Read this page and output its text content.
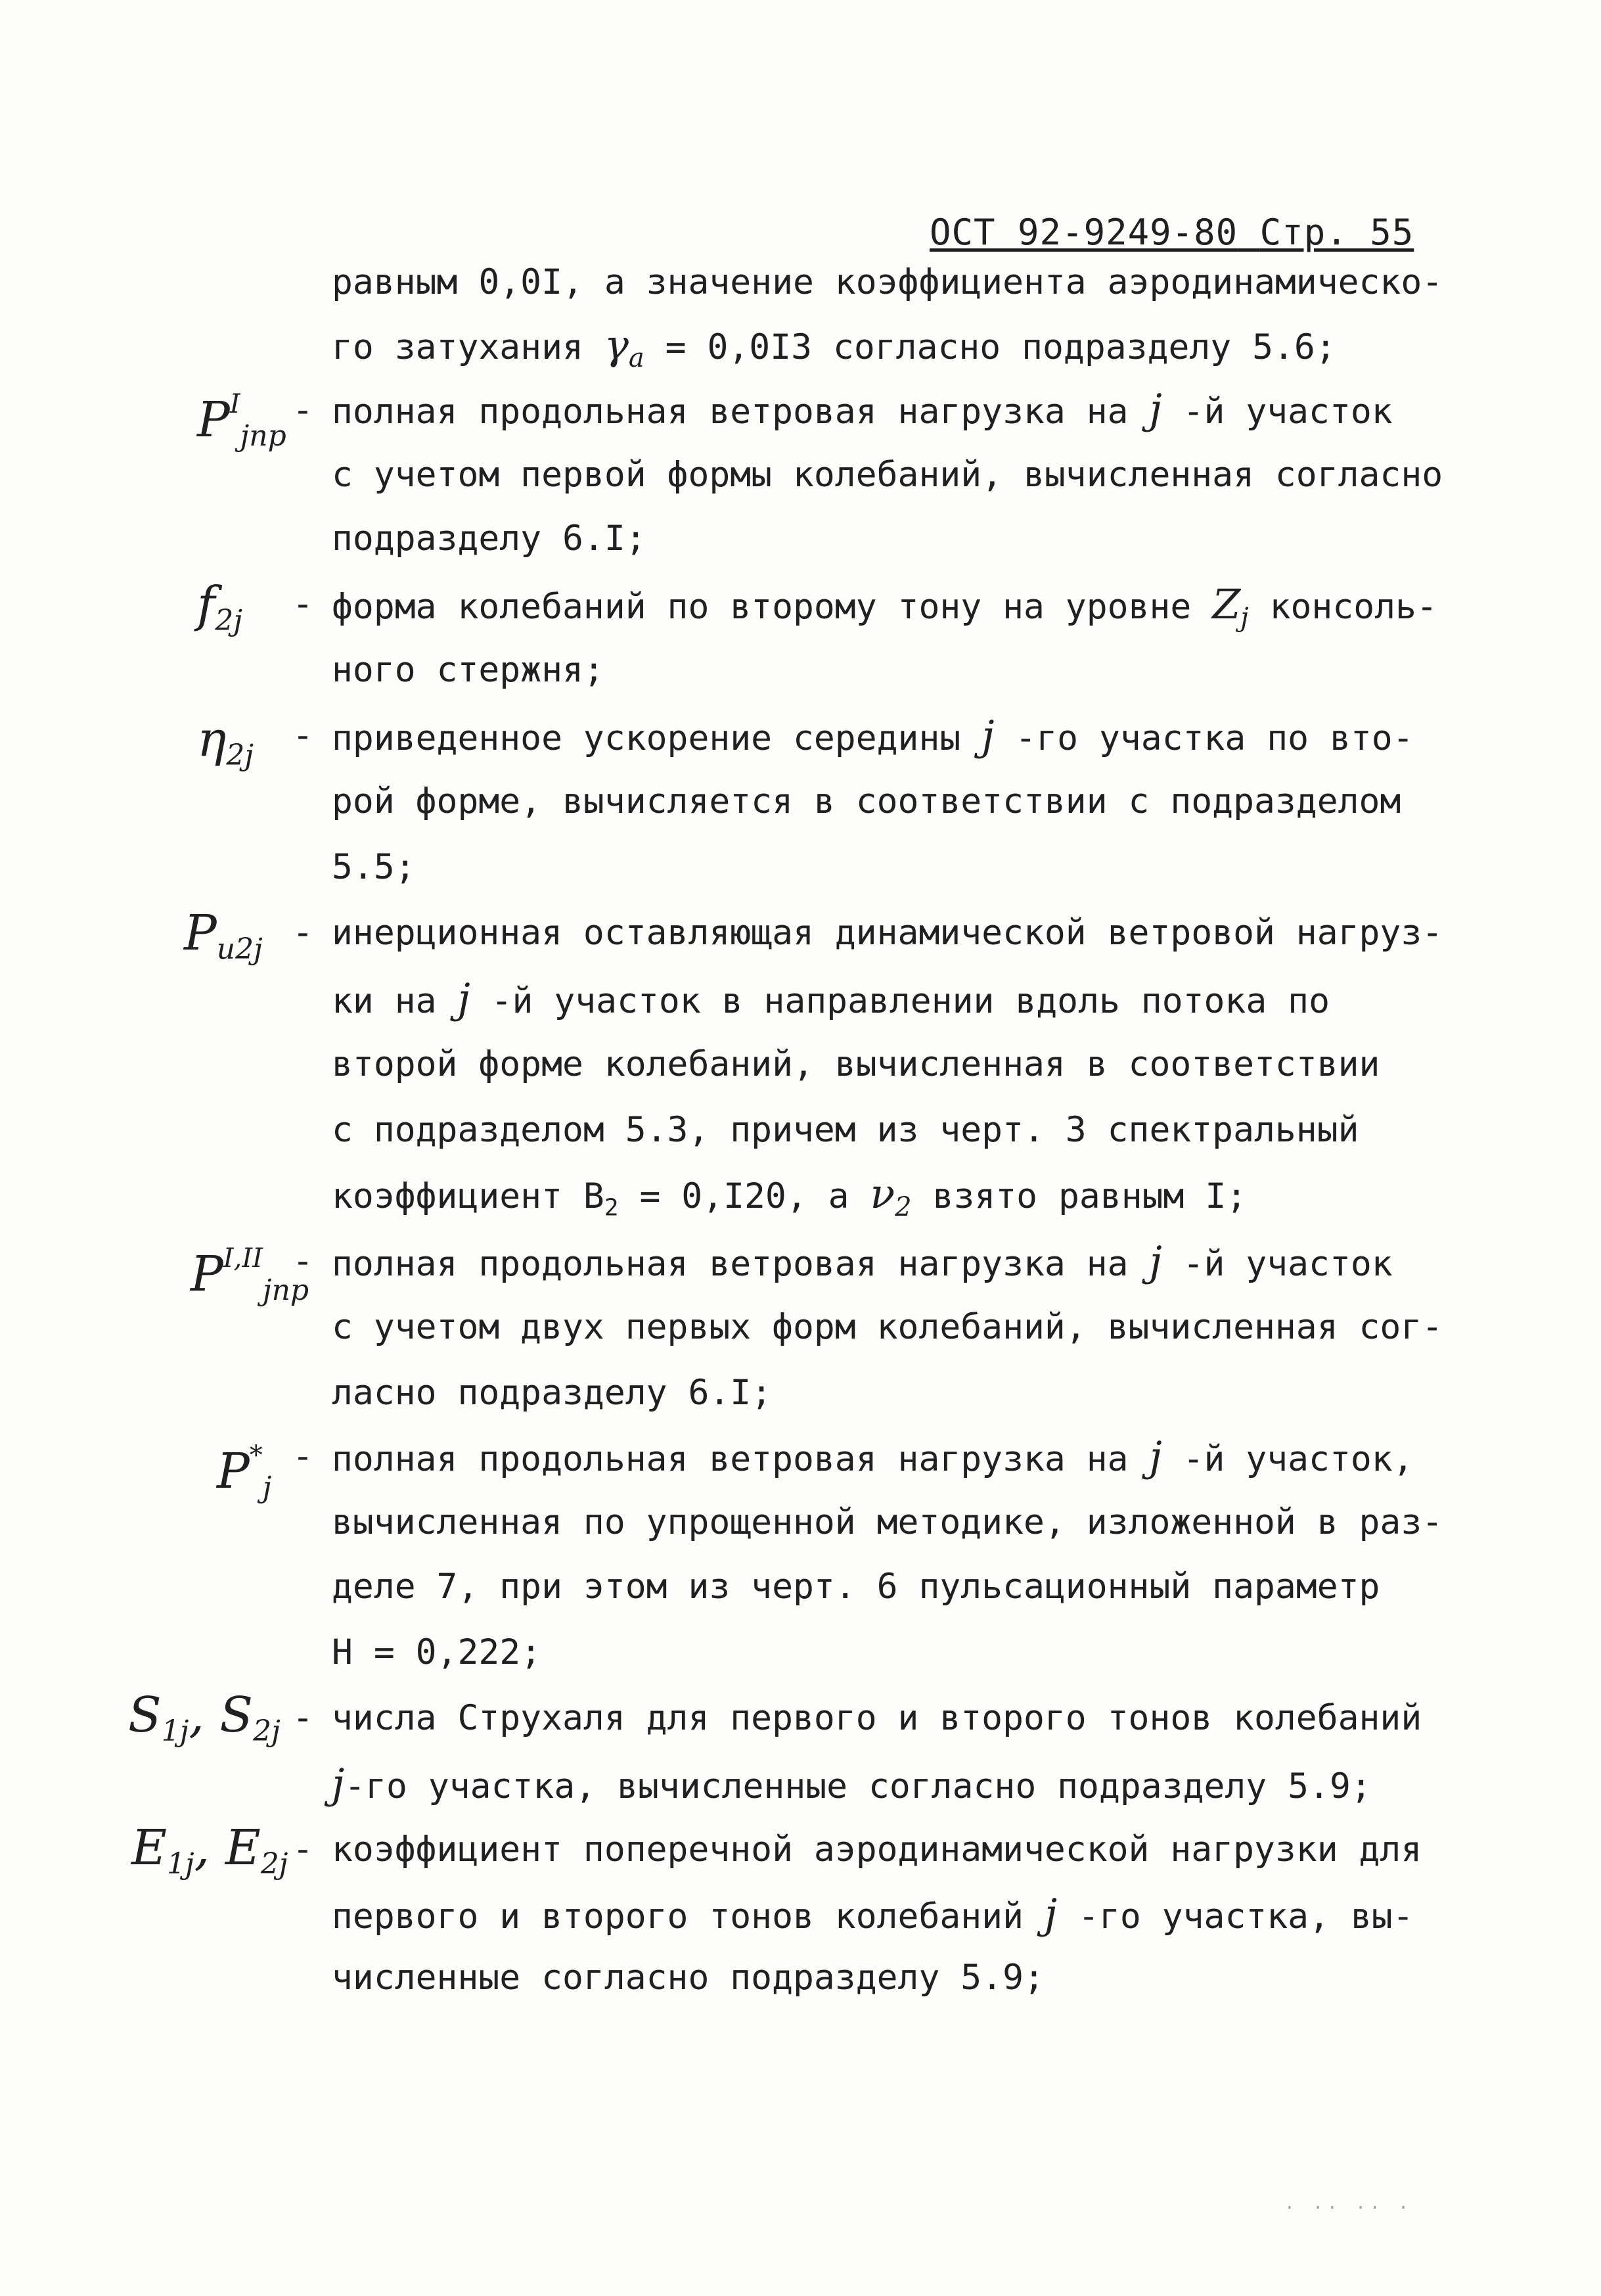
ОСТ 92-9249-80 Стр. 55
равным 0,0I, а значение коэффициента аэродинамическо-
го затухания $\gamma_a = 0,0I3$ согласно подразделу 5.6;
$P^I_{jпр}$
- полная продольная ветровая нагрузка на j -й участок
с учетом первой формы колебаний, вычисленная согласно
подразделу 6.I;
$f_{2j}$ - форма колебаний по второму тону на уровне $Z_j$ консоль-
ного стержня;
$\eta_{2j}$ - приведенное ускорение середины j -го участка по вто-
рой форме, вычисляется в соответствии с подразделом
5.5;
$P_{u2j}$ - инерционная оставляющая динамической ветровой нагруз-
ки на j -й участок в направлении вдоль потока по
второй форме колебаний, вычисленная в соответствии
с подразделом 5.3, причем из черт. 3 спектральный
коэффициент $B_2 = 0,I20$, а $\nu_2$ взято равным I;
$P^{I,II}_{jпр}$
- полная продольная ветровая нагрузка на j -й участок
с учетом двух первых форм колебаний, вычисленная сог-
ласно подразделу 6.I;
$P^*_j$
- полная продольная ветровая нагрузка на j -й участок,
вычисленная по упрощенной методике, изложенной в раз-
деле 7, при этом из черт. 6 пульсационный параметр
H = 0,222;
$S_{1j}$, $S_{2j}$ - числа Струхаля для первого и второго тонов колебаний
j-го участка, вычисленные согласно подразделу 5.9;
$E_{1j}$, $E_{2j}$ - коэффициент поперечной аэродинамической нагрузки для
первого и второго тонов колебаний j -го участка, вы-
численные согласно подразделу 5.9;
· ·· ·· ·
